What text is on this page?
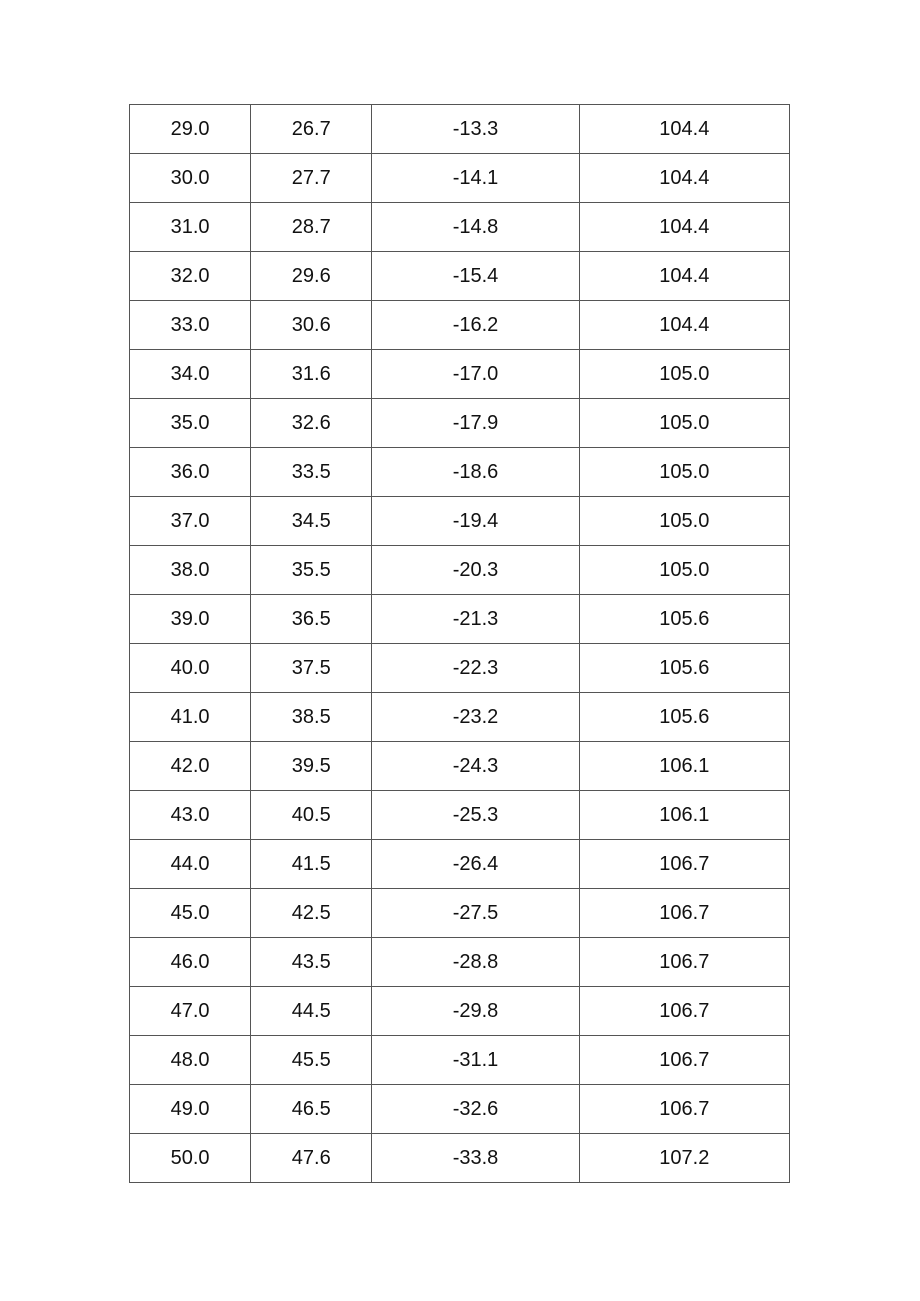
29.0	26.7	-13.3	104.4
30.0	27.7	-14.1	104.4
31.0	28.7	-14.8	104.4
32.0	29.6	-15.4	104.4
33.0	30.6	-16.2	104.4
34.0	31.6	-17.0	105.0
35.0	32.6	-17.9	105.0
36.0	33.5	-18.6	105.0
37.0	34.5	-19.4	105.0
38.0	35.5	-20.3	105.0
39.0	36.5	-21.3	105.6
40.0	37.5	-22.3	105.6
41.0	38.5	-23.2	105.6
42.0	39.5	-24.3	106.1
43.0	40.5	-25.3	106.1
44.0	41.5	-26.4	106.7
45.0	42.5	-27.5	106.7
46.0	43.5	-28.8	106.7
47.0	44.5	-29.8	106.7
48.0	45.5	-31.1	106.7
49.0	46.5	-32.6	106.7
50.0	47.6	-33.8	107.2
